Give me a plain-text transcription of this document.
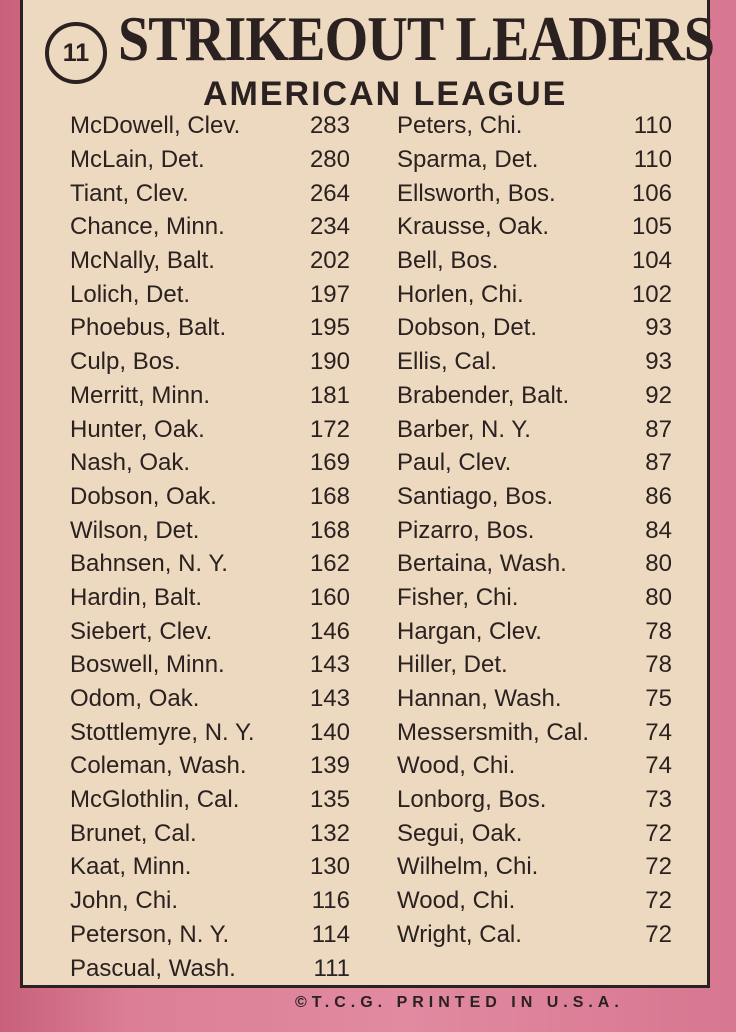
11 STRIKEOUT LEADERS
AMERICAN LEAGUE
McDowell, Clev.	283
McLain, Det.	280
Tiant, Clev.	264
Chance, Minn.	234
McNally, Balt.	202
Lolich, Det.	197
Phoebus, Balt.	195
Culp, Bos.	190
Merritt, Minn.	181
Hunter, Oak.	172
Nash, Oak.	169
Dobson, Oak.	168
Wilson, Det.	168
Bahnsen, N. Y.	162
Hardin, Balt.	160
Siebert, Clev.	146
Boswell, Minn.	143
Odom, Oak.	143
Stottlemyre, N. Y.	140
Coleman, Wash.	139
McGlothlin, Cal.	135
Brunet, Cal.	132
Kaat, Minn.	130
John, Chi.	116
Peterson, N. Y.	114
Pascual, Wash.	111
Peters, Chi.	110
Sparma, Det.	110
Ellsworth, Bos.	106
Krausse, Oak.	105
Bell, Bos.	104
Horlen, Chi.	102
Dobson, Det.	93
Ellis, Cal.	93
Brabender, Balt.	92
Barber, N. Y.	87
Paul, Clev.	87
Santiago, Bos.	86
Pizarro, Bos.	84
Bertaina, Wash.	80
Fisher, Chi.	80
Hargan, Clev.	78
Hiller, Det.	78
Hannan, Wash.	75
Messersmith, Cal.	74
Wood, Chi.	74
Lonborg, Bos.	73
Segui, Oak.	72
Wilhelm, Chi.	72
Wood, Chi.	72
Wright, Cal.	72
©T.C.G. PRINTED IN U.S.A.
